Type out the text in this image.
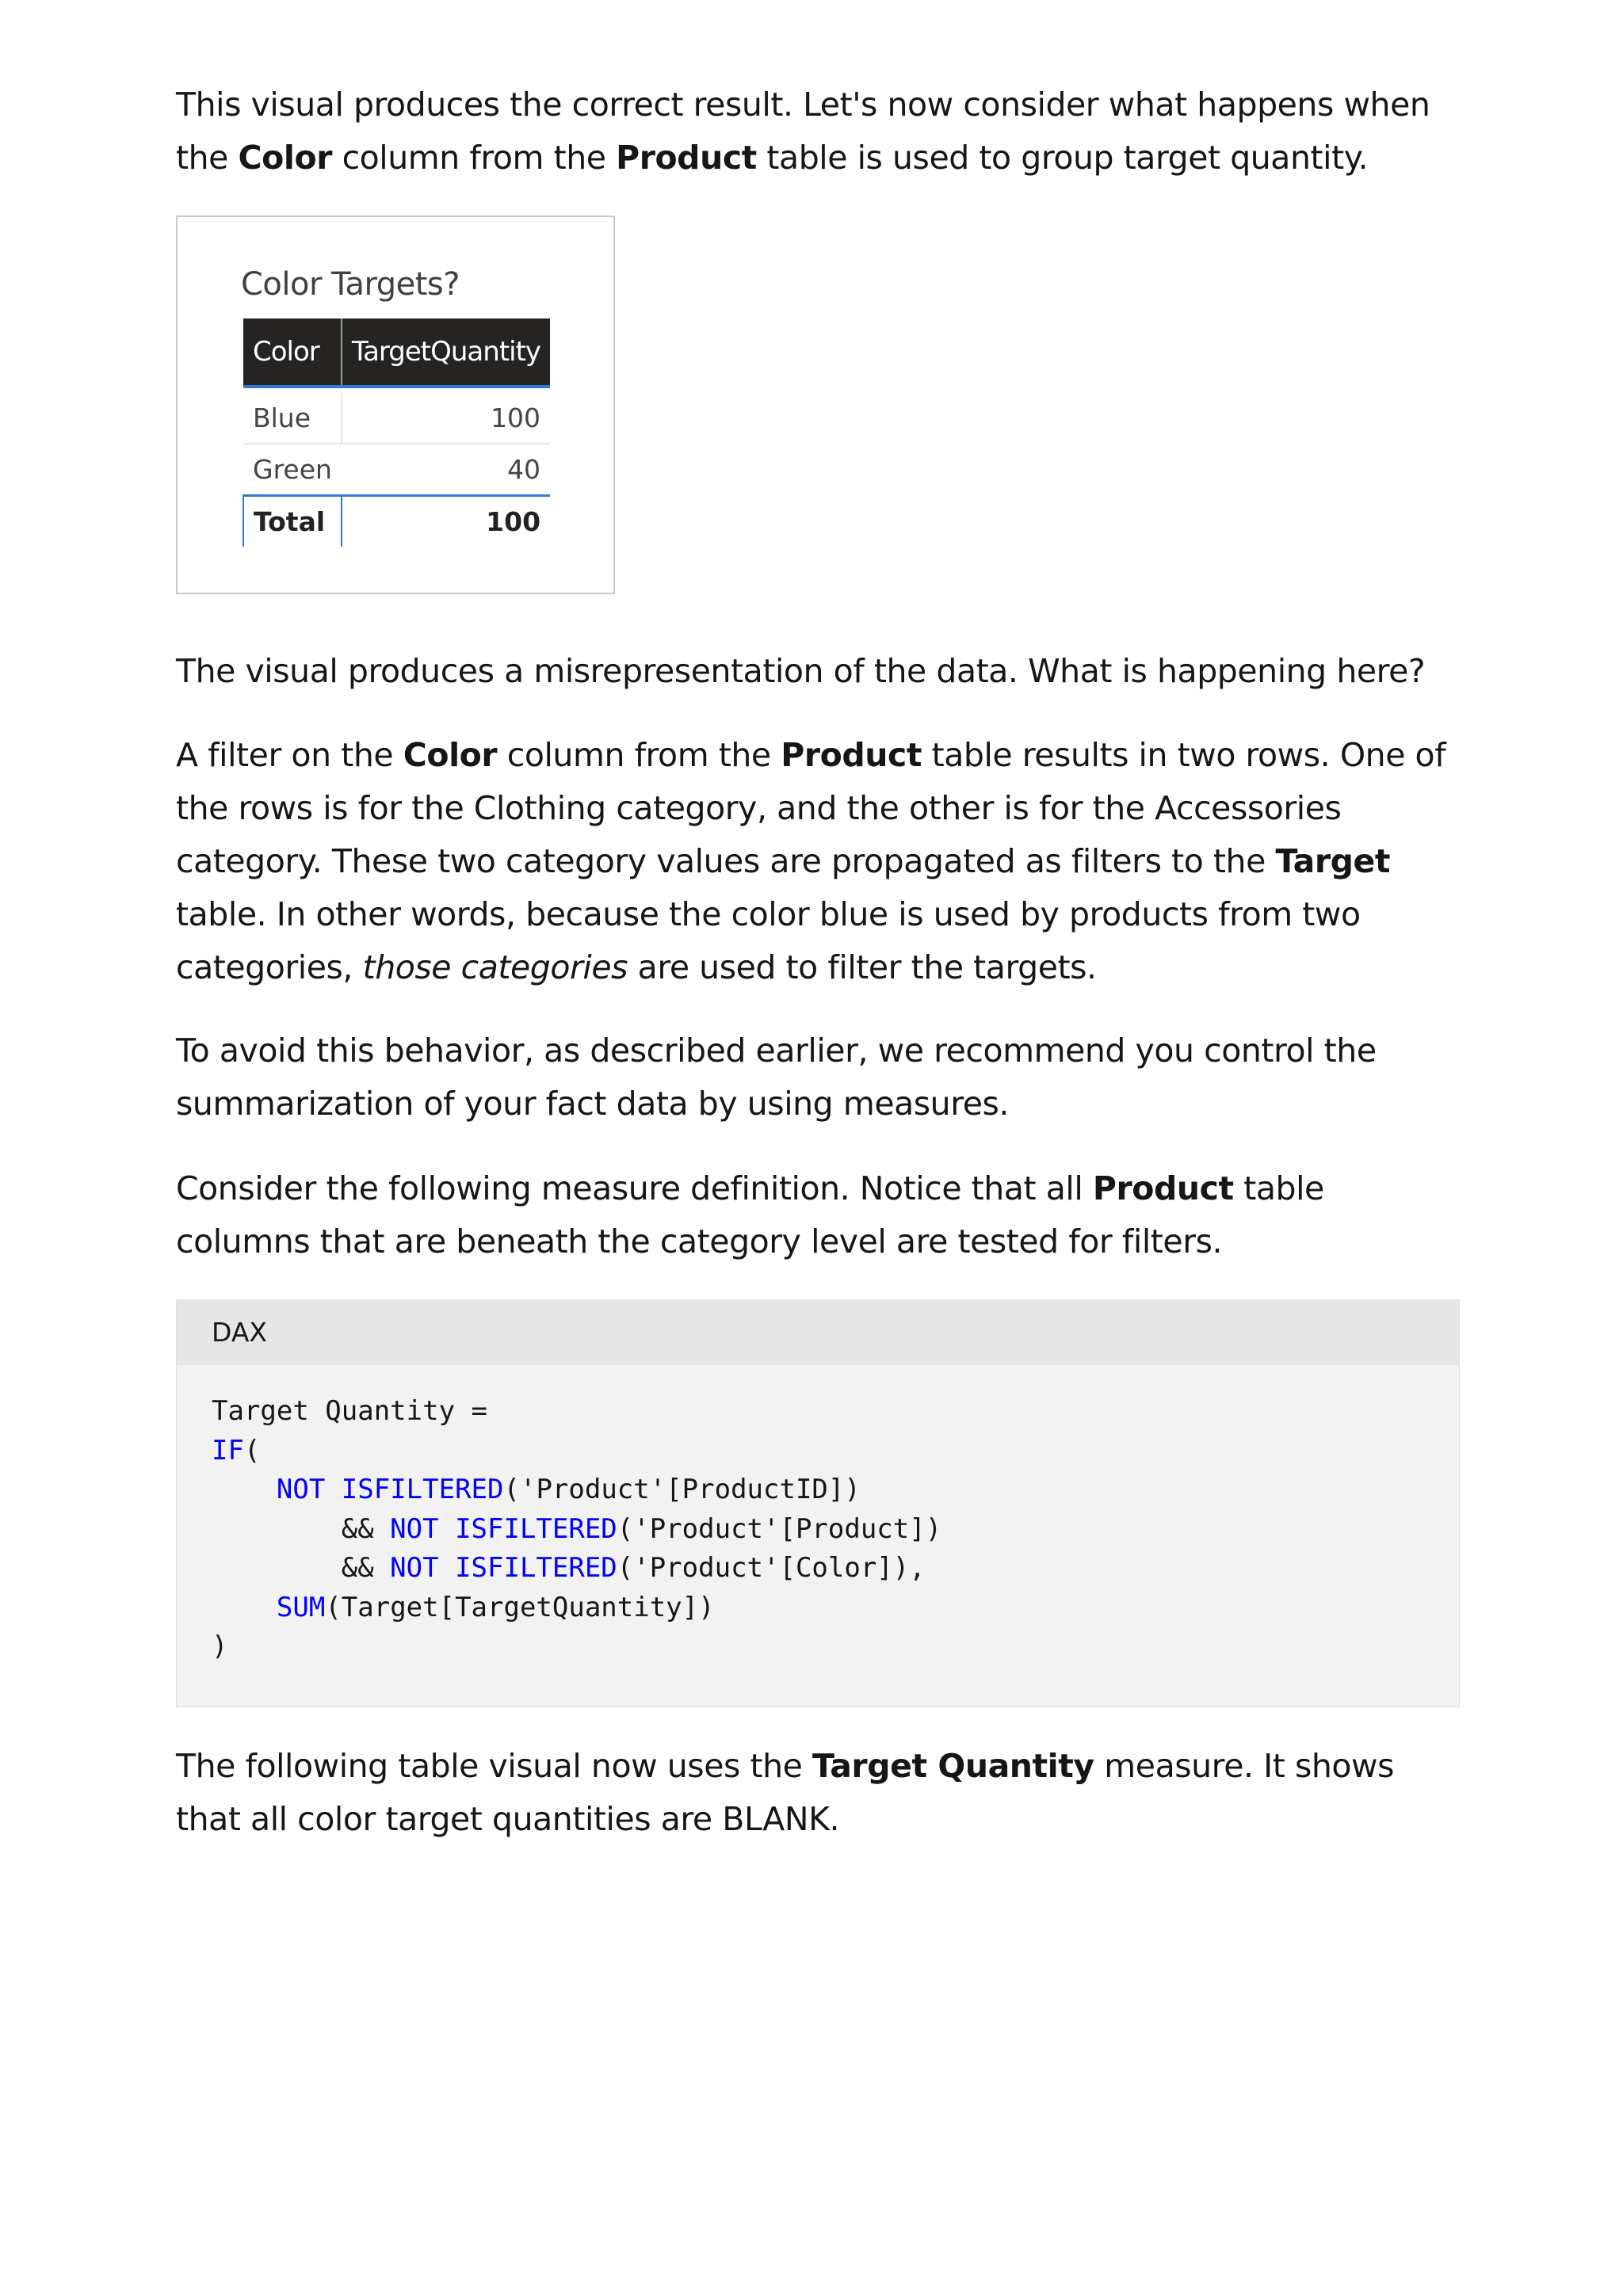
This visual produces the correct result. Let's now consider what happens when the Color column from the Product table is used to group target quantity.

The visual produces a misrepresentation of the data. What is happening here?

A filter on the Color column from the Product table results in two rows. One of the rows is for the Clothing category, and the other is for the Accessories category. These two category values are propagated as filters to the Target table. In other words, because the color blue is used by products from two categories, those categories are used to filter the targets.

To avoid this behavior, as described earlier, we recommend you control the summarization of your fact data by using measures.

Consider the following measure definition. Notice that all Product table columns that are beneath the category level are tested for filters.

The following table visual now uses the Target Quantity measure. It shows that all color target quantities are BLANK.

Color Targets?
Color	TargetQuantity

Blue	100
Green	40
Total	100
DAX
Target Quantity =
IF(
NOT ISFILTERED('Product'[ProductID])
&& NOT ISFILTERED('Product'[Product])
&& NOT ISFILTERED('Product'[Color]),
SUM(Target[TargetQuantity])
)
